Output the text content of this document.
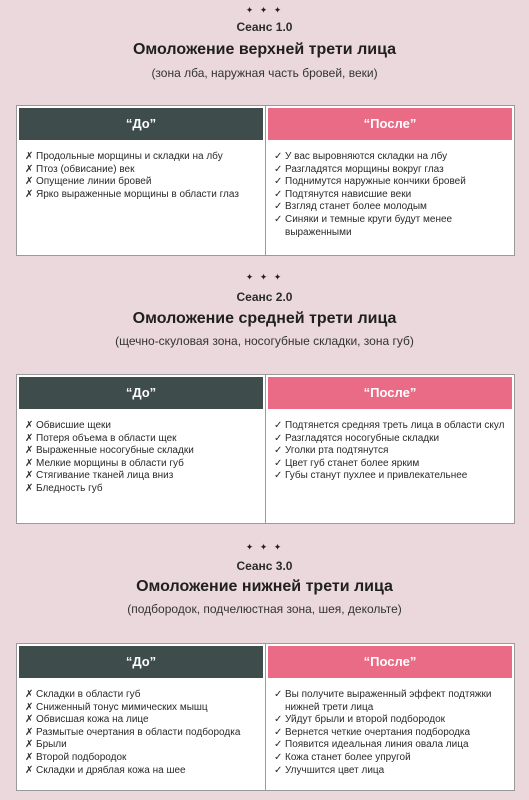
✦ ✦ ✦
Сеанс 1.0
Омоложение верхней трети лица
(зона лба, наружная часть бровей, веки)
“До”
✗ Продольные морщины и складки на лбу
✗ Птоз (обвисание) век
✗ Опущение линии бровей
✗ Ярко выраженные морщины в области глаз
“После”
✓ У вас выровняются складки на лбу
✓ Разгладятся морщины вокруг глаз
✓ Поднимутся наружные кончики бровей
✓ Подтянутся нависшие веки
✓ Взгляд станет более молодым
✓ Синяки и темные круги будут менее выраженными
✦ ✦ ✦
Сеанс 2.0
Омоложение средней трети лица
(щечно-скуловая зона, носогубные складки, зона губ)
“До”
✗ Обвисшие щеки
✗ Потеря объема в области щек
✗ Выраженные носогубные складки
✗ Мелкие морщины в области губ
✗ Стягивание тканей лица вниз
✗ Бледность губ
“После”
✓ Подтянется средняя треть лица в области скул
✓ Разгладятся носогубные складки
✓ Уголки рта подтянутся
✓ Цвет губ станет более ярким
✓ Губы станут пухлее и привлекательнее
✦ ✦ ✦
Сеанс 3.0
Омоложение нижней трети лица
(подбородок, подчелюстная зона, шея, декольте)
“До”
✗ Складки в области губ
✗ Сниженный тонус мимических мышц
✗ Обвисшая кожа на лице
✗ Размытые очертания в области подбородка
✗ Брыли
✗ Второй подбородок
✗ Складки и дряблая кожа на шее
“После”
✓ Вы получите выраженный эффект подтяжки нижней трети лица
✓ Уйдут брыли и второй подбородок
✓ Вернется четкие очертания подбородка
✓ Появится идеальная линия овала лица
✓ Кожа станет более упругой
✓ Улучшится цвет лица
